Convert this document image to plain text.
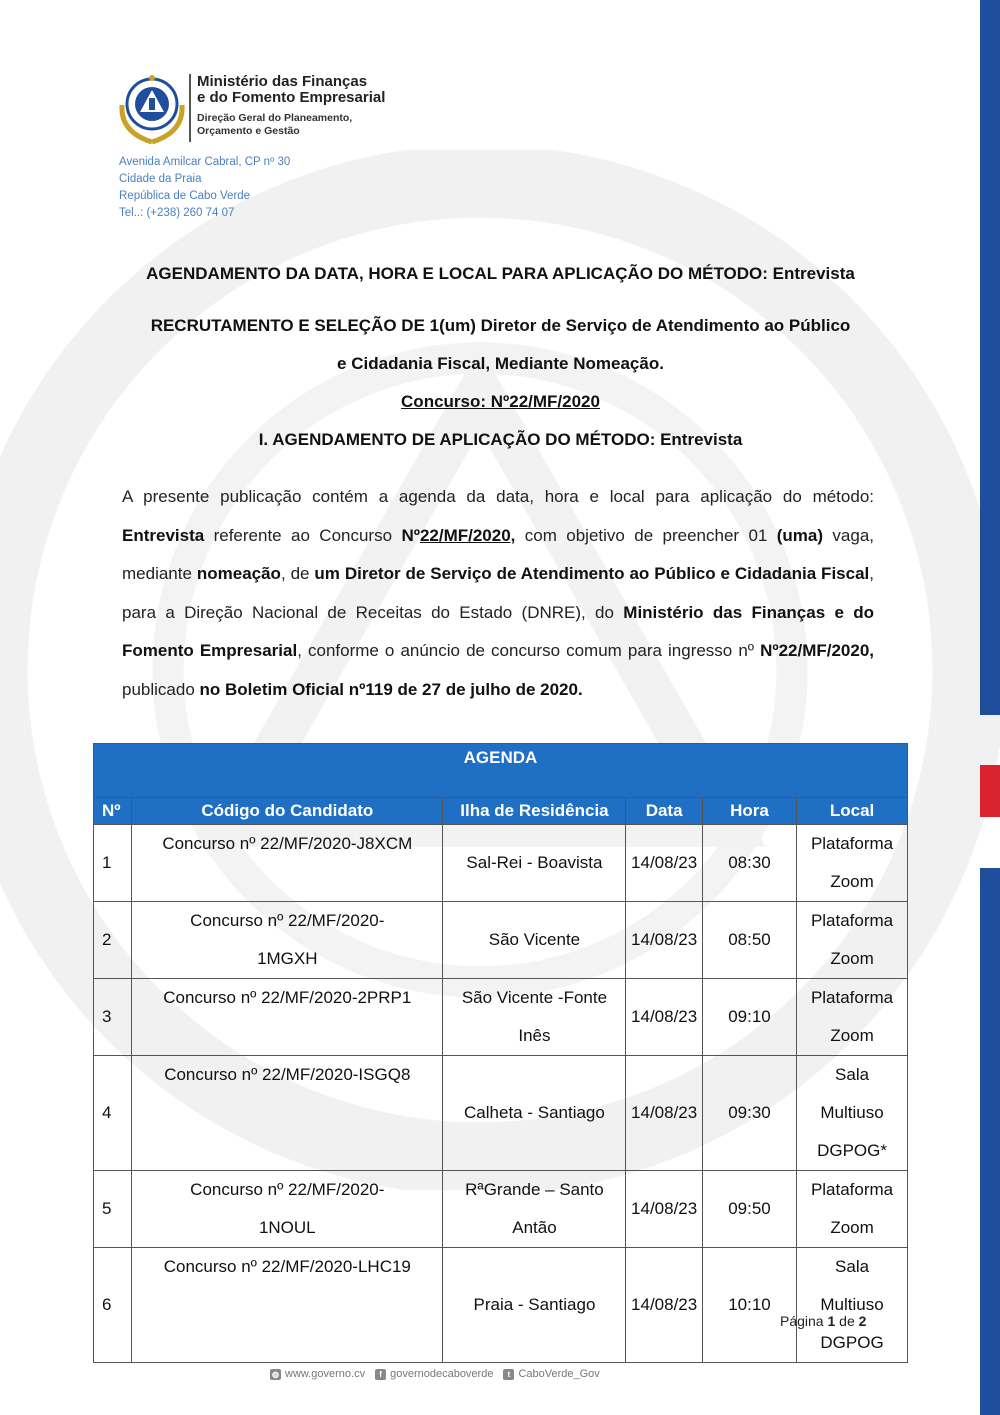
Ministério das Finanças
e do Fomento Empresarial
Direção Geral do Planeamento,
Orçamento e Gestão
Avenida Amilcar Cabral, CP nº 30
Cidade da Praia
República de Cabo Verde
Tel..: (+238) 260 74 07
AGENDAMENTO DA DATA, HORA E LOCAL PARA APLICAÇÃO DO MÉTODO: Entrevista
RECRUTAMENTO E SELEÇÃO DE 1(um) Diretor de Serviço de Atendimento ao Público
e Cidadania Fiscal, Mediante Nomeação.
Concurso: Nº22/MF/2020
I. AGENDAMENTO DE APLICAÇÃO DO MÉTODO: Entrevista
A presente publicação contém a agenda da data, hora e local para aplicação do método: Entrevista referente ao Concurso Nº22/MF/2020, com objetivo de preencher 01 (uma) vaga, mediante nomeação, de um Diretor de Serviço de Atendimento ao Público e Cidadania Fiscal, para a Direção Nacional de Receitas do Estado (DNRE), do Ministério das Finanças e do Fomento Empresarial, conforme o anúncio de concurso comum para ingresso nº Nº22/MF/2020, publicado no Boletim Oficial nº119 de 27 de julho de 2020.
AGENDA					
Nº	Código do Candidato	Ilha de Residência	Data	Hora	Local
1	Concurso nº 22/MF/2020-J8XCM	Sal-Rei - Boavista	14/08/23	08:30	Plataforma Zoom
2	Concurso nº 22/MF/2020-1MGXH	São Vicente	14/08/23	08:50	Plataforma Zoom
3	Concurso nº 22/MF/2020-2PRP1	São Vicente -Fonte Inês	14/08/23	09:10	Plataforma Zoom
4	Concurso nº 22/MF/2020-ISGQ8	Calheta - Santiago	14/08/23	09:30	Sala Multiuso DGPOG*
5	Concurso nº 22/MF/2020-1NOUL	RªGrande – Santo Antão	14/08/23	09:50	Plataforma Zoom
6	Concurso nº 22/MF/2020-LHC19	Praia - Santiago	14/08/23	10:10	Sala Multiuso DGPOG
Página 1 de 2
◍ www.governo.cv	f governodecaboverde	t CaboVerde_Gov
